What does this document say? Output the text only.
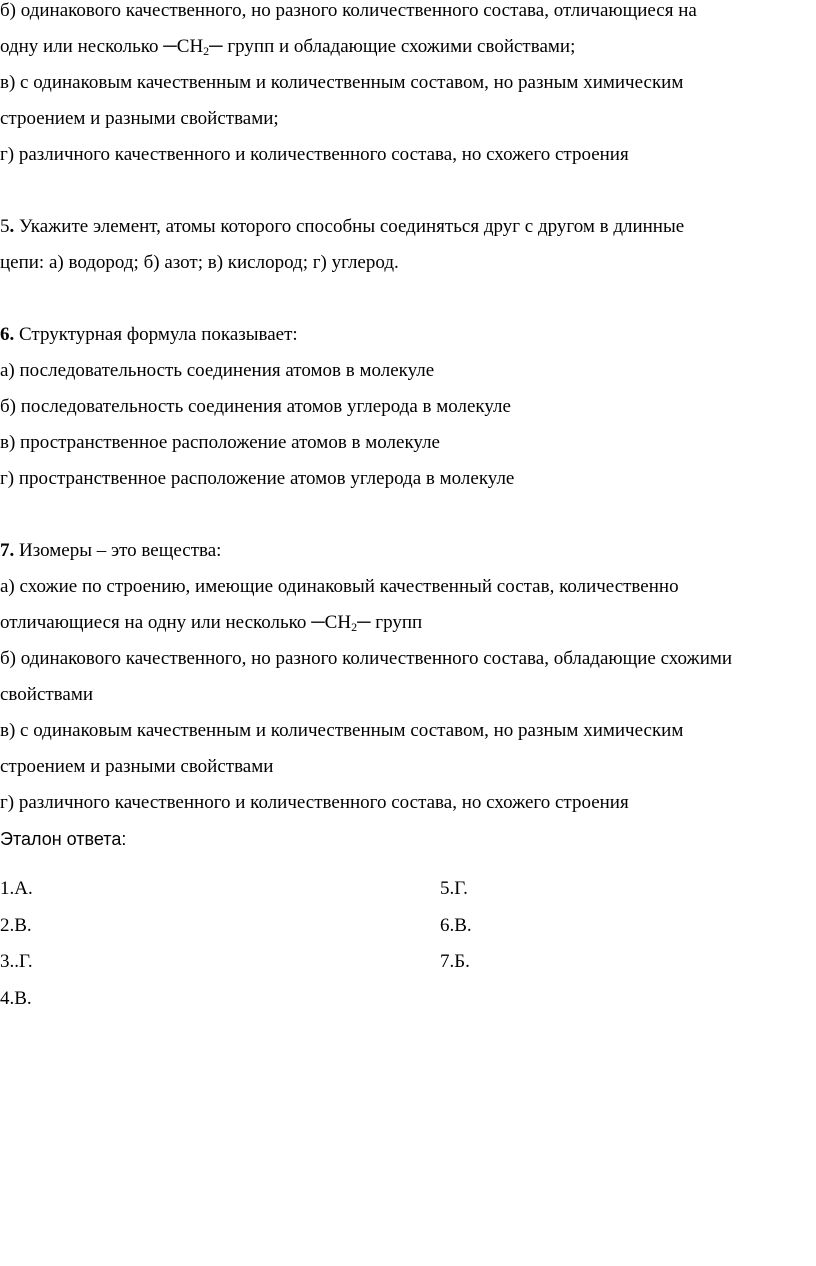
б) одинакового качественного, но разного количественного состава, отличающиеся на
одну или несколько $─CH_2─$ групп и обладающие схожими свойствами;
в) с одинаковым качественным и количественным составом, но разным химическим
строением и разными свойствами;
г) различного качественного и количественного состава, но схожего строения
5. Укажите элемент, атомы которого способны соединяться друг с другом в длинные
цепи: а) водород; б) азот; в) кислород; г) углерод.
6. Структурная формула показывает:
а) последовательность соединения атомов в молекуле
б) последовательность соединения атомов углерода в молекуле
в) пространственное расположение атомов в молекуле
г) пространственное расположение атомов углерода в молекуле
7. Изомеры – это вещества:
а) схожие по строению, имеющие одинаковый качественный состав, количественно
отличающиеся на одну или несколько $─CH_2─$ групп
б) одинакового качественного, но разного количественного состава, обладающие схожими
свойствами
в) с одинаковым качественным и количественным составом, но разным химическим
строением и разными свойствами
г) различного качественного и количественного состава, но схожего строения
Эталон ответа:
1.А.
2.В.
3..Г.
4.В.
5.Г.
6.В.
7.Б.
